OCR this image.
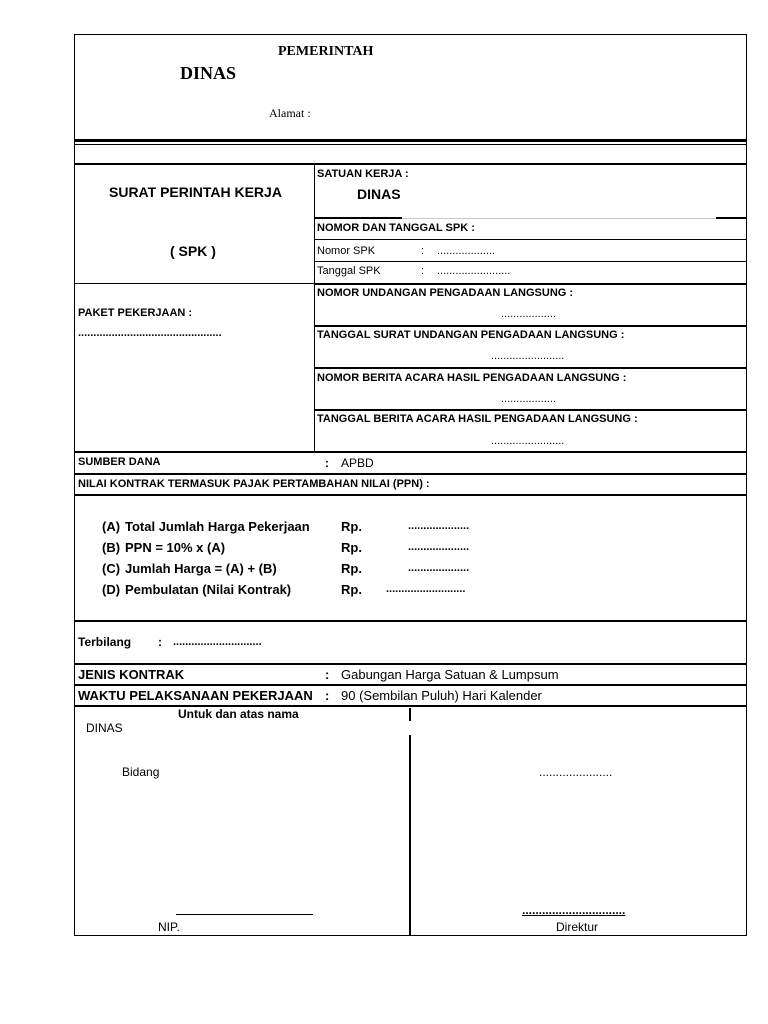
PEMERINTAH
DINAS
Alamat :
SURAT PERINTAH KERJA
( SPK )
PAKET PEKERJAAN :
...............................................
SATUAN KERJA :
DINAS
NOMOR DAN TANGGAL SPK :
Nomor SPK	: ...................
Tanggal SPK	: ........................
NOMOR UNDANGAN PENGADAAN LANGSUNG :
..................
TANGGAL SURAT UNDANGAN PENGADAAN LANGSUNG :
........................
NOMOR BERITA ACARA HASIL PENGADAAN LANGSUNG :
..................
TANGGAL BERITA ACARA HASIL PENGADAAN LANGSUNG :
........................
SUMBER DANA	: APBD
NILAI KONTRAK TERMASUK PAJAK PERTAMBAHAN NILAI (PPN) :
(A) Total Jumlah Harga Pekerjaan Rp.	....................
(B) PPN = 10% x (A)	Rp.	....................
(C) Jumlah Harga = (A) + (B)	Rp.	....................
(D) Pembulatan (Nilai Kontrak)	Rp. ..........................
Terbilang : .............................
JENIS KONTRAK	: Gabungan Harga Satuan & Lumpsum
WAKTU PELAKSANAAN PEKERJAAN : 90 (Sembilan Puluh) Hari Kalender
Untuk dan atas nama
DINAS
Bidang
NIP.
......................
...............................
Direktur
